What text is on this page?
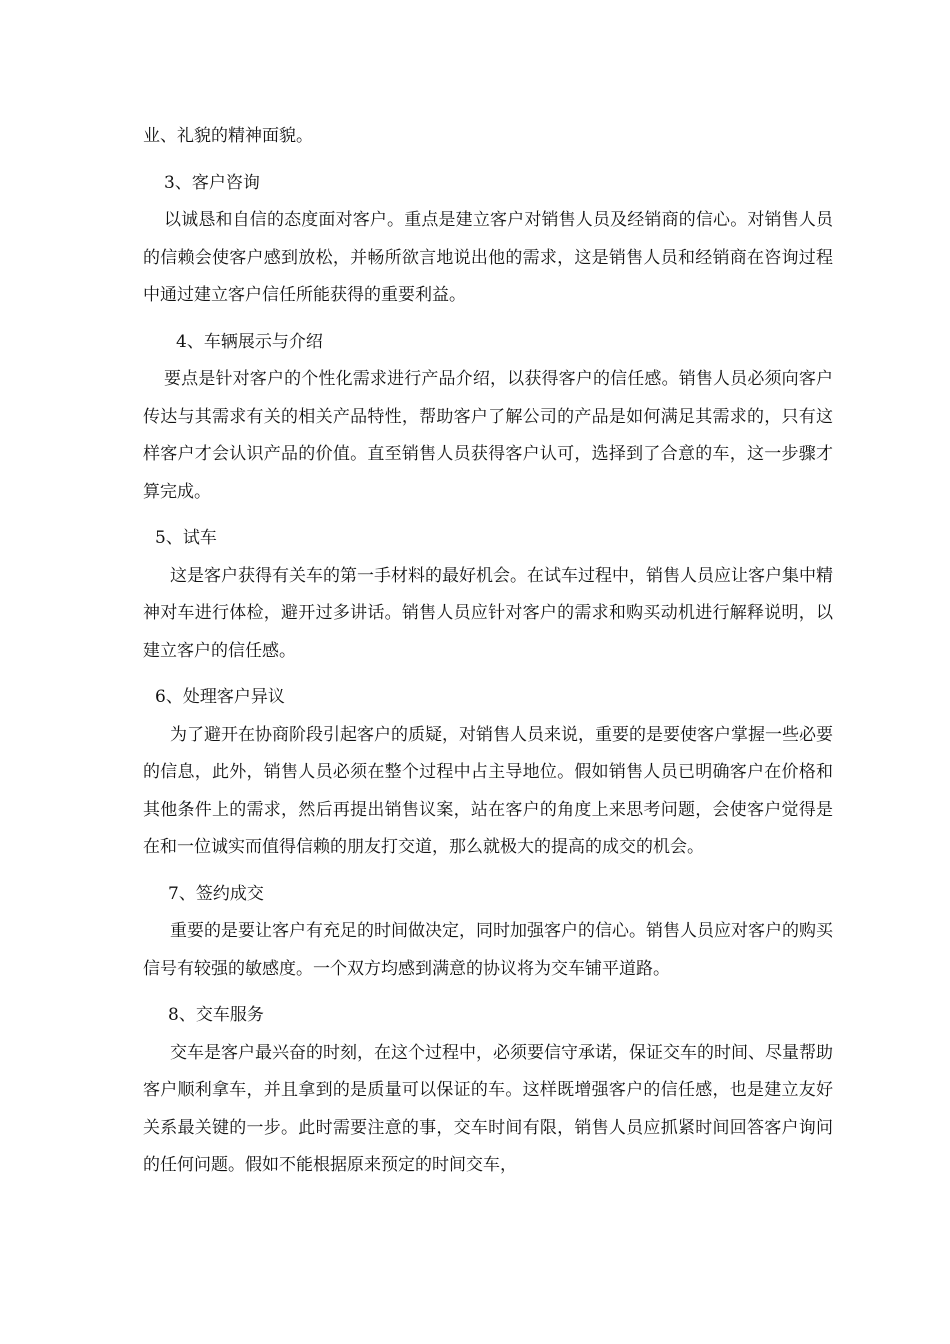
业、礼貌的精神面貌。

3、客户咨询

以诚恳和自信的态度面对客户。重点是建立客户对销售人员及经销商的信心。对销售人员的信赖会使客户感到放松，并畅所欲言地说出他的需求，这是销售人员和经销商在咨询过程中通过建立客户信任所能获得的重要利益。

4、车辆展示与介绍

要点是针对客户的个性化需求进行产品介绍，以获得客户的信任感。销售人员必须向客户传达与其需求有关的相关产品特性，帮助客户了解公司的产品是如何满足其需求的，只有这样客户才会认识产品的价值。直至销售人员获得客户认可，选择到了合意的车，这一步骤才算完成。

5、试车

这是客户获得有关车的第一手材料的最好机会。在试车过程中，销售人员应让客户集中精神对车进行体检，避开过多讲话。销售人员应针对客户的需求和购买动机进行解释说明，以建立客户的信任感。

6、处理客户异议

为了避开在协商阶段引起客户的质疑，对销售人员来说，重要的是要使客户掌握一些必要的信息，此外，销售人员必须在整个过程中占主导地位。假如销售人员已明确客户在价格和其他条件上的需求，然后再提出销售议案，站在客户的角度上来思考问题，会使客户觉得是在和一位诚实而值得信赖的朋友打交道，那么就极大的提高的成交的机会。

7、签约成交

重要的是要让客户有充足的时间做决定，同时加强客户的信心。销售人员应对客户的购买信号有较强的敏感度。一个双方均感到满意的协议将为交车铺平道路。

8、交车服务

交车是客户最兴奋的时刻，在这个过程中，必须要信守承诺，保证交车的时间、尽量帮助客户顺利拿车，并且拿到的是质量可以保证的车。这样既增强客户的信任感，也是建立友好关系最关键的一步。此时需要注意的事，交车时间有限，销售人员应抓紧时间回答客户询问的任何问题。假如不能根据原来预定的时间交车，
